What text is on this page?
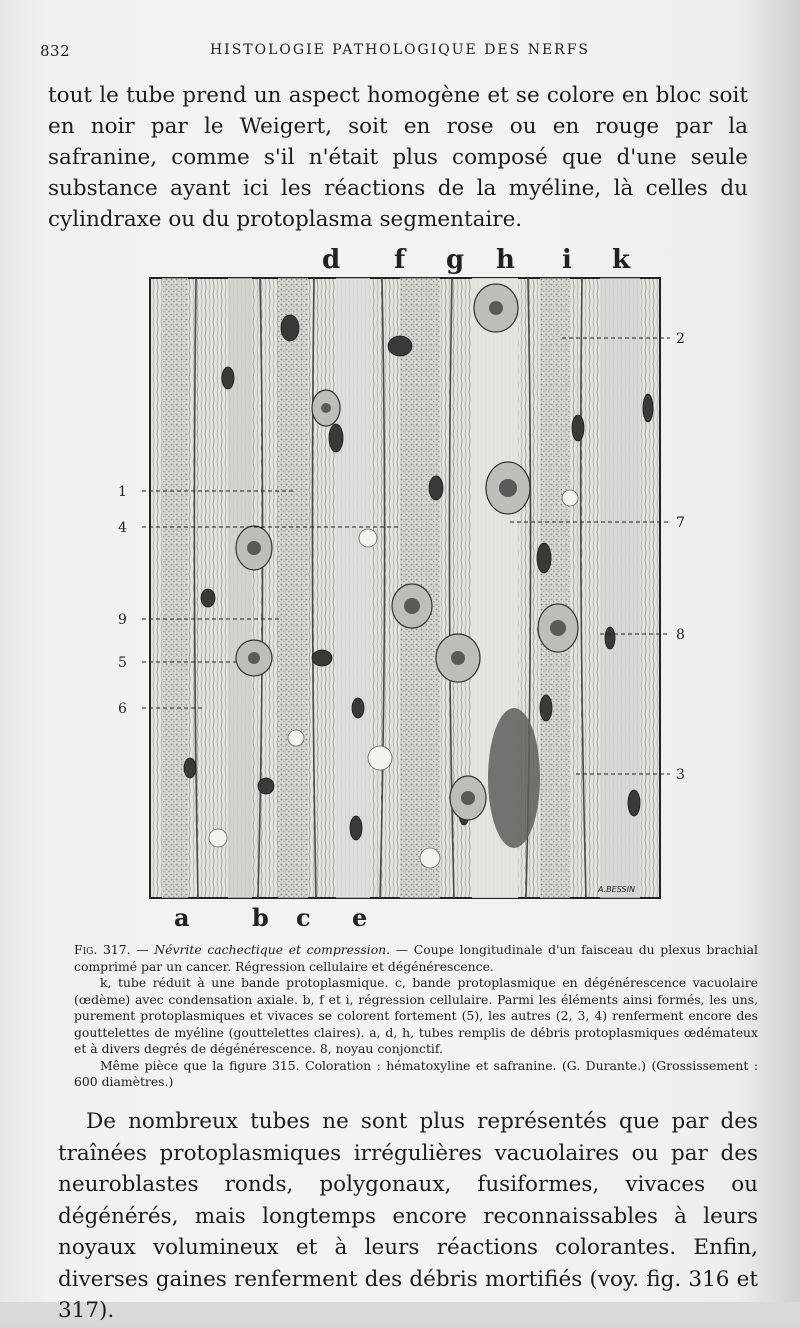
832	HISTOLOGIE PATHOLOGIQUE DES NERFS

tout le tube prend un aspect homogène et se colore en bloc soit en noir par le Weigert, soit en rose ou en rouge par la safranine, comme s'il n'était plus composé que d'une seule substance ayant ici les réactions de la myéline, là celles du cylindraxe ou du protoplasma segmentaire.

d f g h i k
A.BESSIN
1
4
9
5
6
2
7
8
3
a	b c e

Fig. 317. — Névrite cachectique et compression. — Coupe longitudinale d'un faisceau du plexus brachial comprimé par un cancer. Régression cellulaire et dégénérescence.

k, tube réduit à une bande protoplasmique. c, bande protoplasmique en dégénérescence vacuolaire (œdème) avec condensation axiale. b, f et i, régression cellulaire. Parmi les éléments ainsi formés, les uns, purement protoplasmiques et vivaces se colorent fortement (5), les autres (2, 3, 4) renferment encore des gouttelettes de myéline (gouttelettes claires). a, d, h, tubes remplis de débris protoplasmiques œdémateux et à divers degrés de dégénérescence. 8, noyau conjonctif.

Même pièce que la figure 315. Coloration : hématoxyline et safranine. (G. Durante.) (Grossissement : 600 diamètres.)

De nombreux tubes ne sont plus représentés que par des traînées protoplasmiques irrégulières vacuolaires ou par des neuroblastes ronds, polygonaux, fusiformes, vivaces ou dégénérés, mais longtemps encore reconnaissables à leurs noyaux volumineux et à leurs réactions colorantes. Enfin, diverses gaines renferment des débris mortifiés (voy. fig. 316 et 317).
